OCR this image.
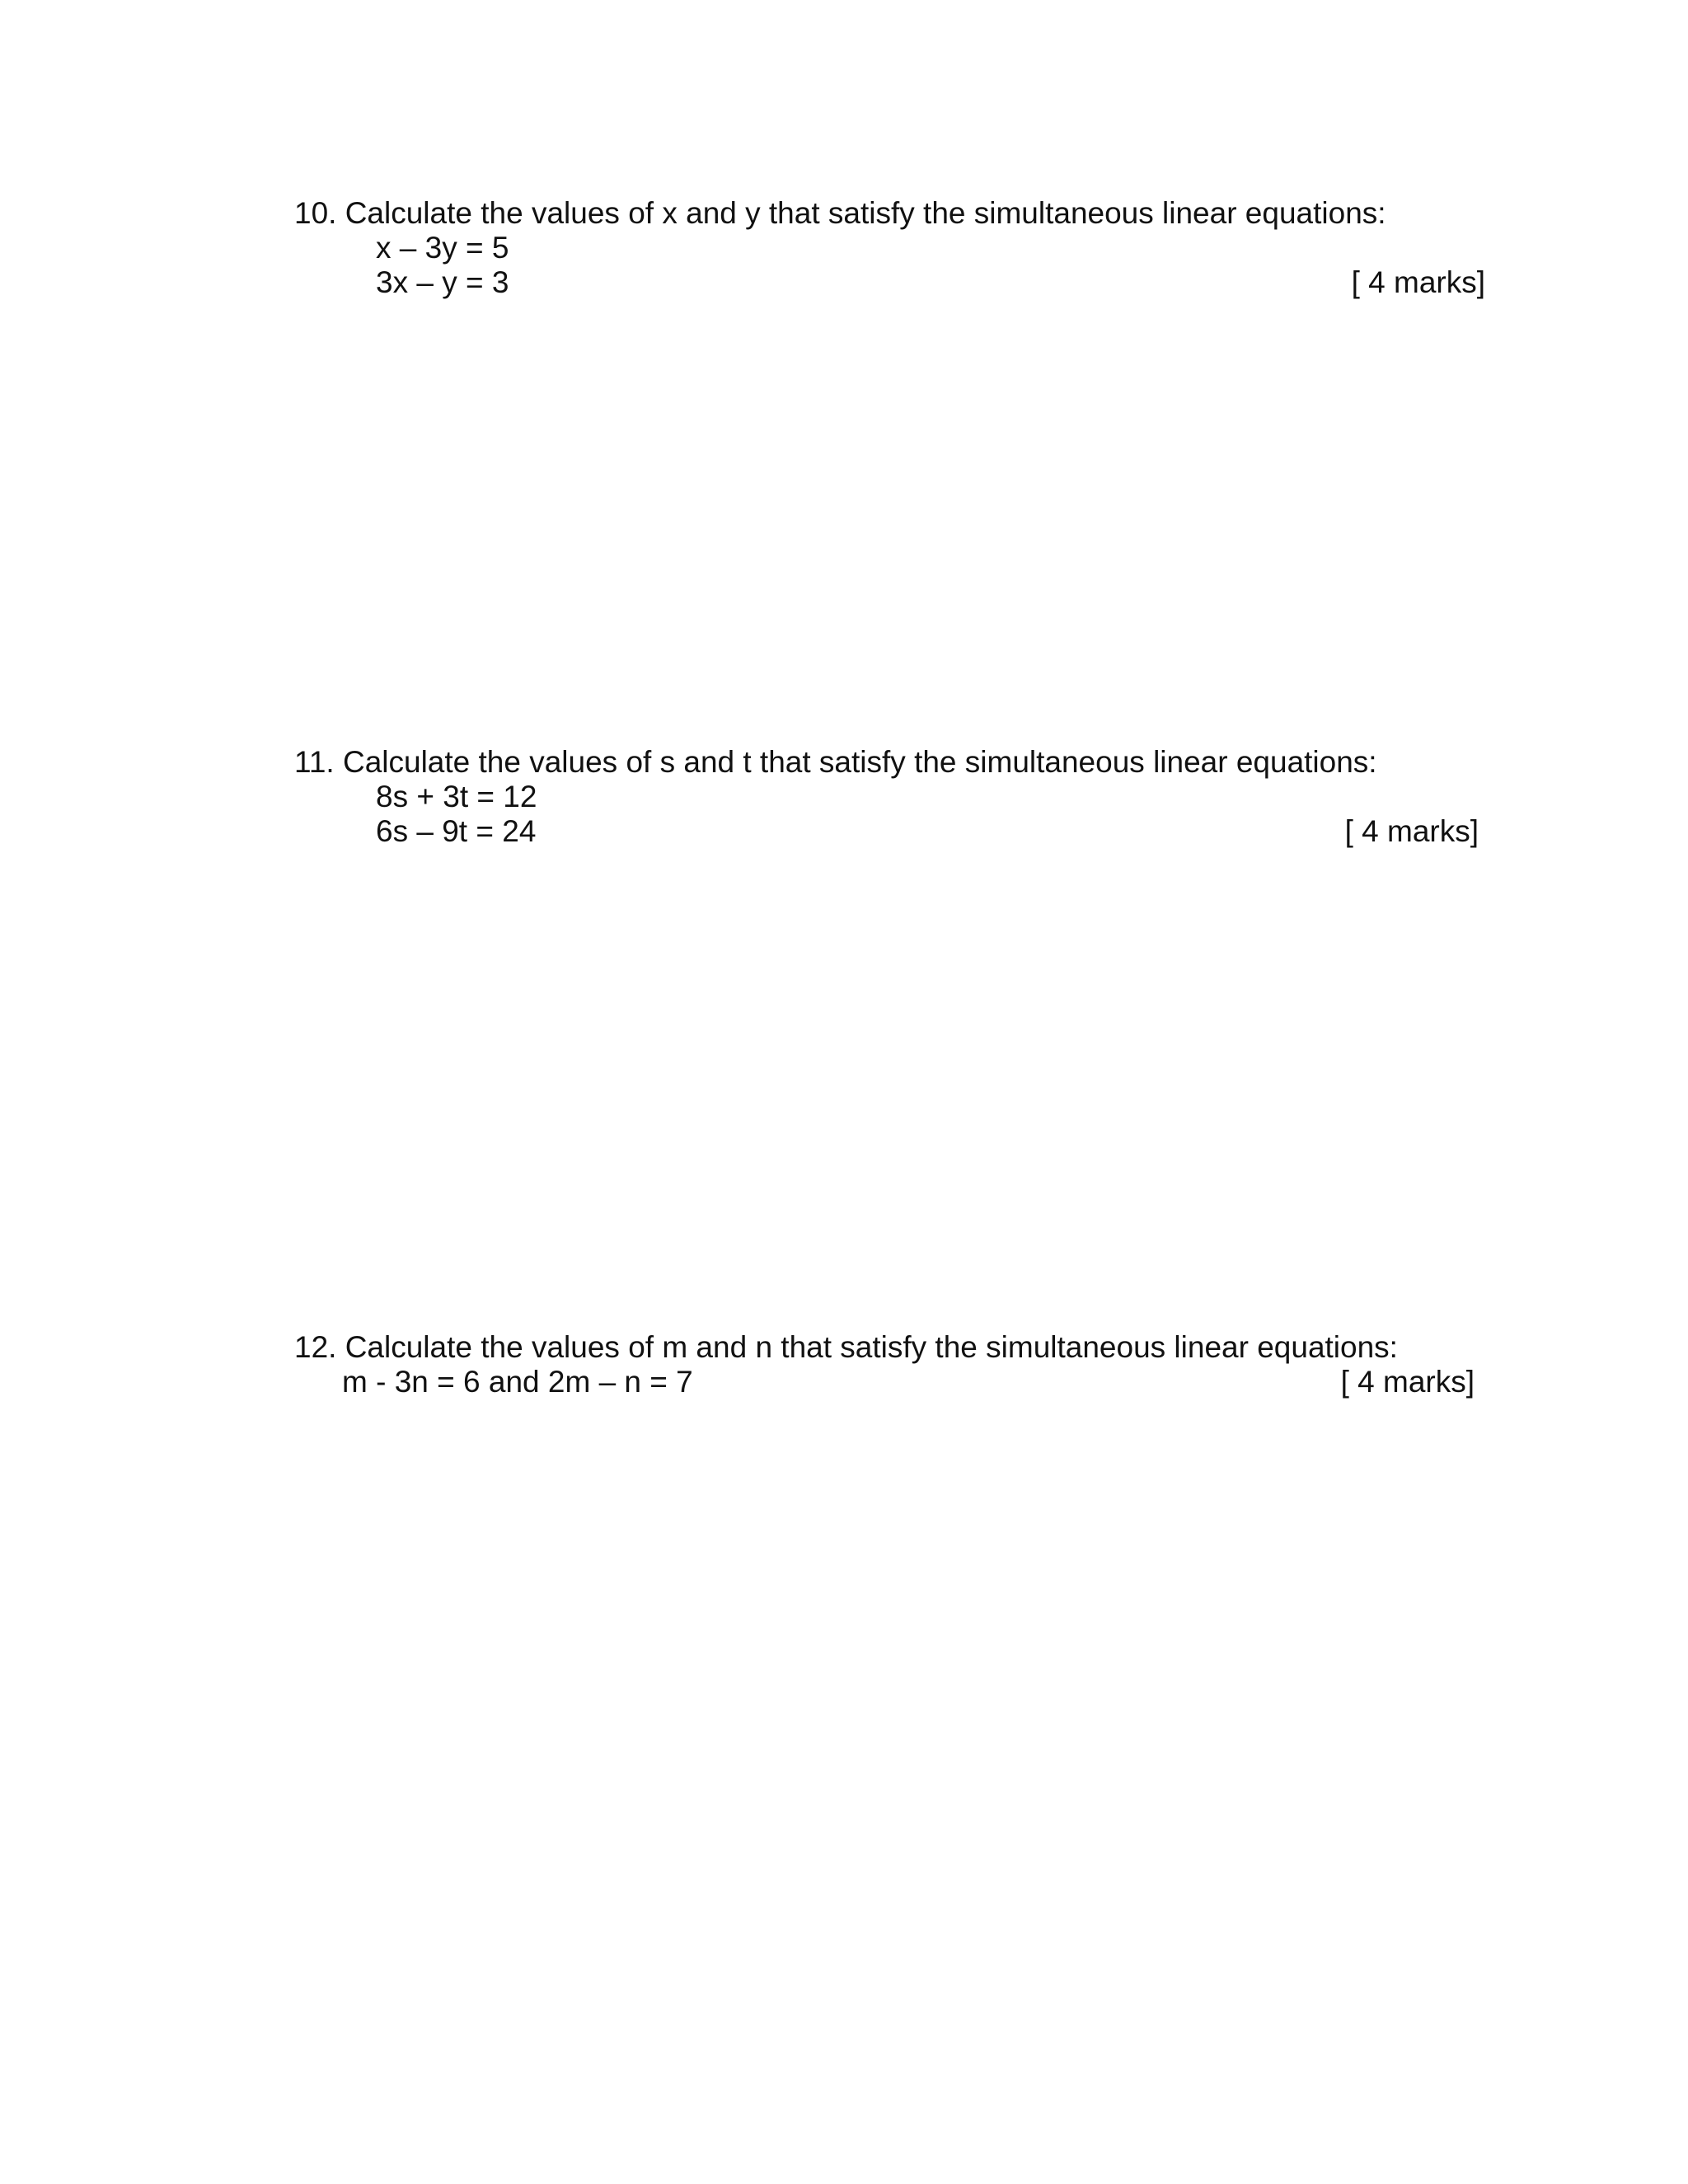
10. Calculate the values of x and y that satisfy the simultaneous linear equations:
x – 3y = 5
3x – y = 3	[ 4 marks]
11. Calculate the values of s and t that satisfy the simultaneous linear equations:
8s + 3t = 12
6s – 9t = 24	[ 4 marks]
12. Calculate the values of m and n that satisfy the simultaneous linear equations:
m - 3n = 6 and 2m – n = 7	[ 4 marks]
